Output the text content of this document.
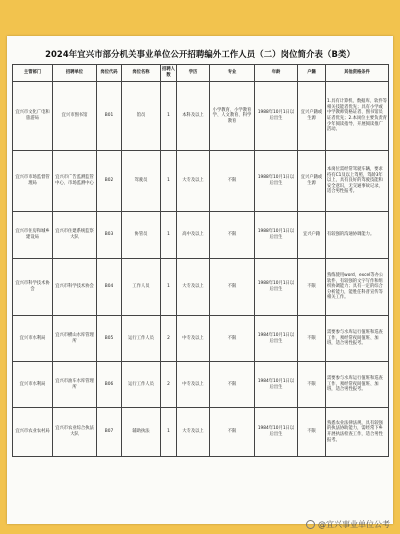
2024年宜兴市部分机关事业单位公开招聘编外工作人员（二）岗位简介表（B类）
主管部门	招聘单位	岗位代码	岗位名称	招聘人数	学历	专业	年龄	户籍	其他资格条件
宜兴市文化广电和旅游局	宜兴市图书馆	B01	馆员	1	本科及以上	小学教育、小学教育学、人文教育、科学教育	1988年10月1日以后出生	宜兴户籍或生源	1.具有计算机、数据库、软件等相关技能者优先；具有小学或中学教师资格证者、图书馆员证者优先；2.本岗位主要负责青少年阅读指导、开展阅读推广活动。
宜兴市市场监督管理局	宜兴市广告监测监管中心、市场监测中心	B02	驾驶员	1	大专及以上	不限	1988年10月1日以后出生	宜兴户籍或生源	本岗位需经常驾驶车辆，要求持有C1及以上驾照，驾龄3年以上，具有良好的驾驶技能和安全意识，无交通事故记录，适合男性报考。
宜兴市住房和城乡建设局	宜兴市住建系统监察大队	B03	协管员	1	高中及以上	不限	1988年10月1日以后出生	宜兴户籍	有较强的沟通协调能力。
宜兴市科学技术协会	宜兴市科学技术协会	B04	工作人员	1	大专及以上	不限	1988年10月1日以后出生	不限	熟练使用word、excel等办公软件，有较强的文字写作和组织协调能力；具有一定的综合分析能力，能胜任科普宣传等相关工作。
宜兴市水利局	宜兴市横山水库管理所	B05	运行工作人员	2	中专及以上	不限	1984年10月1日以后出生	不限	需要参与水库运行值班和巡查工作，须经常夜间值班、加班，适合男性报考。
宜兴市水利局	宜兴市油车水库管理所	B06	运行工作人员	2	中专及以上	不限	1984年10月1日以后出生	不限	需要参与水库运行值班和巡查工作，须经常夜间值班、加班，适合男性报考。
宜兴市农业农村局	宜兴市农业综合执法大队	B07	辅助执法	1	大专及以上	不限	1984年10月1日以后出生	不限	熟悉农业法律法规，具有较强的执法协助能力，需经常下乡开展执法检查工作，适合男性报考。
@宜兴事业单位公考
